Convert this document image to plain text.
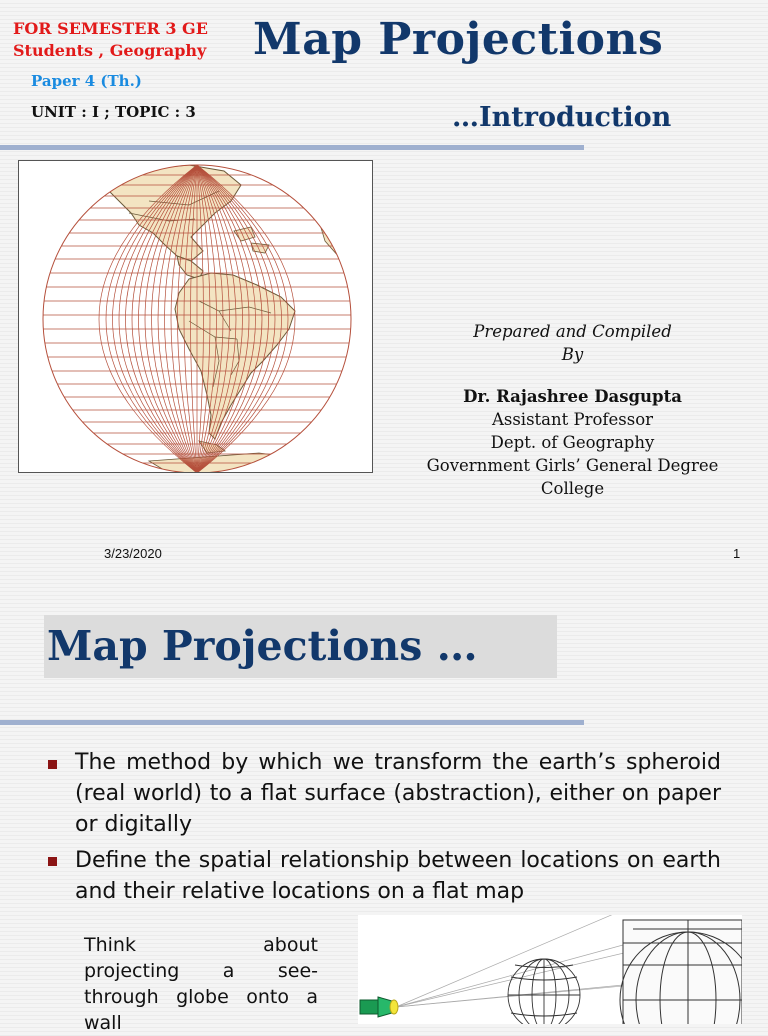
FOR SEMESTER 3 GE
Students , Geography
Paper 4 (Th.)
UNIT : I ; TOPIC : 3
Map Projections
…Introduction
Prepared and Compiled
By
Dr. Rajashree Dasgupta
Assistant Professor
Dept. of Geography
Government Girls’ General Degree
College
3/23/2020	1
Map Projections …
The method by which we transform the earth’s spheroid (real world) to a flat surface (abstraction), either on paper or digitally
Define the spatial relationship between locations on earth and their relative locations on a flat map
Think about
projecting a see-
through globe onto a
wall
